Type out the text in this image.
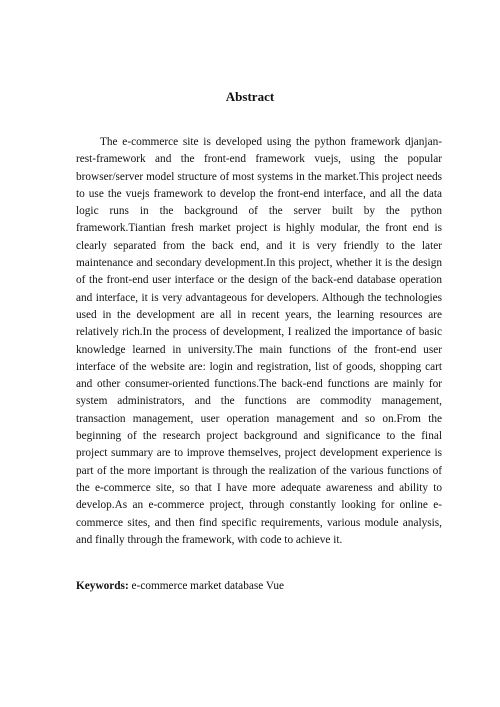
Abstract

The e-commerce site is developed using the python framework djanjan-rest-framework and the front-end framework vuejs, using the popular browser/server model structure of most systems in the market.This project needs to use the vuejs framework to develop the front-end interface, and all the data logic runs in the background of the server built by the python framework.Tiantian fresh market project is highly modular, the front end is clearly separated from the back end, and it is very friendly to the later maintenance and secondary development.In this project, whether it is the design of the front-end user interface or the design of the back-end database operation and interface, it is very advantageous for developers. Although the technologies used in the development are all in recent years, the learning resources are relatively rich.In the process of development, I realized the importance of basic knowledge learned in university.The main functions of the front-end user interface of the website are: login and registration, list of goods, shopping cart and other consumer-oriented functions.The back-end functions are mainly for system administrators, and the functions are commodity management, transaction management, user operation management and so on.From the beginning of the research project background and significance to the final project summary are to improve themselves, project development experience is part of the more important is through the realization of the various functions of the e-commerce site, so that I have more adequate awareness and ability to develop.As an e-commerce project, through constantly looking for online e-commerce sites, and then find specific requirements, various module analysis, and finally through the framework, with code to achieve it.

Keywords: e-commerce market database Vue
